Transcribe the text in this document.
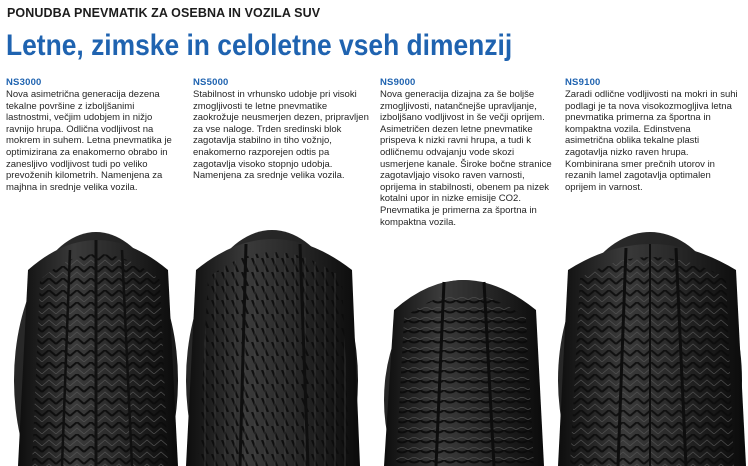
PONUDBA PNEVMATIK ZA OSEBNA IN VOZILA SUV
Letne, zimske in celoletne vseh dimenzij
NS3000
Nova asimetrična generacija dezena tekalne površine z izboljšanimi lastnostmi, večjim udobjem in nižjo ravnijo hrupa. Odlična vodljivost na mokrem in suhem. Letna pnevmatika je optimizirana za enakomerno obrabo in zanesljivo vodljivost tudi po veliko prevoženih kilometrih. Namenjena za majhna in srednje velika vozila.
NS5000
Stabilnost in vrhunsko udobje pri visoki zmogljivosti te letne pnevmatike zaokrožuje neusmerjen dezen, pripravljen za vse naloge. Trden sredinski blok zagotavlja stabilno in tiho vožnjo, enakomerno razporejen odtis pa zagotavlja visoko stopnjo udobja. Namenjena za srednje velika vozila.
NS9000
Nova generacija dizajna za še boljše zmogljivosti, natančnejše upravljanje, izboljšano vodljivost in še večji oprijem. Asimetričen dezen letne pnevmatike prispeva k nizki ravni hrupa, a tudi k odličnemu odvajanju vode skozi usmerjene kanale. Široke bočne stranice zagotavljajo visoko raven varnosti, oprijema in stabilnosti, obenem pa nizek kotalni upor in nizke emisije CO2. Pnevmatika je primerna za športna in kompaktna vozila.
NS9100
Zaradi odlične vodljivosti na mokri in suhi podlagi je ta nova visokozmogljiva letna pnevmatika primerna za športna in kompaktna vozila. Edinstvena asimetrična oblika tekalne plasti zagotavlja nizko raven hrupa. Kombinirana smer prečnih utorov in rezanih lamel zagotavlja optimalen oprijem in varnost.
